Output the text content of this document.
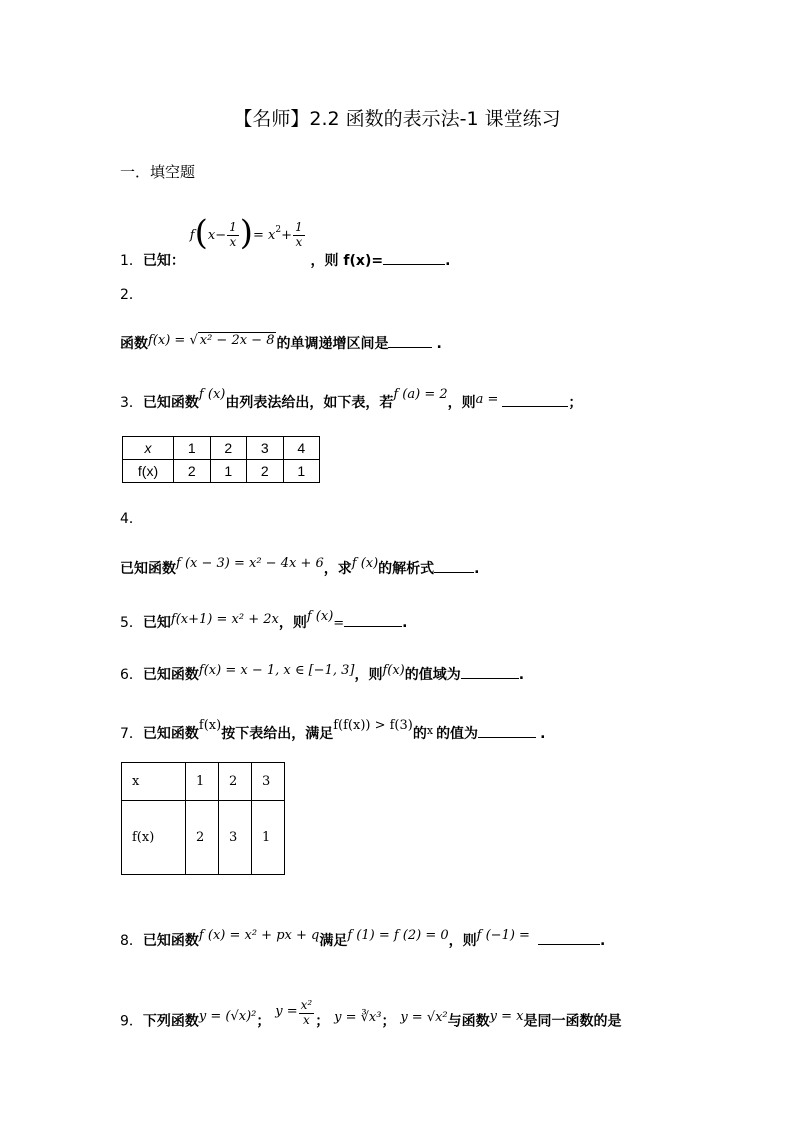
【名师】2.2 函数的表示法-1 课堂练习
一．填空题
1．已知： $f(x- \frac{1}{x}$ )= $x^2+ \frac{1}{x}$
，则 f(x)=	.
2．
函数f(x) = √ x² − 2x − 8 的单调递增区间是	.
3．已知函数f (x)由列表法给出，如下表，若f (a) = 2，则a =	；
x	1	2	3	4
f(x)	2	1	2	1
4．
已知函数f (x − 3) = x² − 4x + 6，求f (x)的解析式	.
5．已知f(x+1) = x² + 2x，则f (x)=	.
6．已知函数f(x) = x − 1, x ∈ [−1, 3]，则f(x)的值域为	.
7．已知函数f(x)按下表给出，满足f(f(x)) > f(3)的$^x$ 的值为	.
x	1	2	3
f(x)	2	3	1
8．已知函数f (x) = x² + px + q满足f (1) = f (2) = 0，则f (−1) =	.
9．下列函数y = (√x)²； $y = \frac{\text{x²}}{x}$ ； y = ∛x³； y = √x²与函数y = x是同一函数的是
